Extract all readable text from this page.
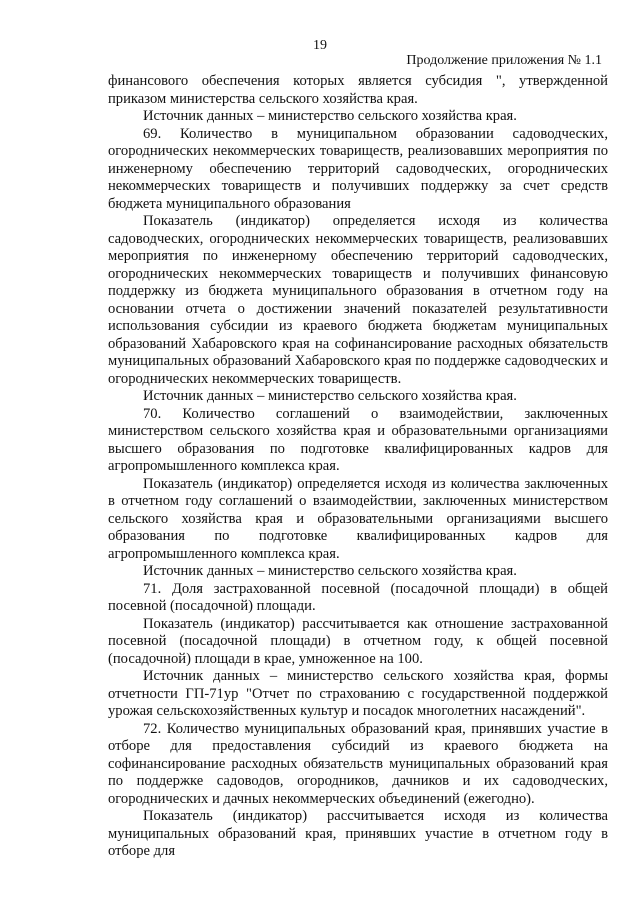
19
Продолжение приложения № 1.1

финансового обеспечения которых является субсидия ", утвержденной приказом министерства сельского хозяйства края.

Источник данных – министерство сельского хозяйства края.

69. Количество в муниципальном образовании садоводческих, огороднических некоммерческих товариществ, реализовавших мероприятия по инженерному обеспечению территорий садоводческих, огороднических некоммерческих товариществ и получивших поддержку за счет средств бюджета муниципального образования

Показатель (индикатор) определяется исходя из количества садоводческих, огороднических некоммерческих товариществ, реализовавших мероприятия по инженерному обеспечению территорий садоводческих, огороднических некоммерческих товариществ и получивших финансовую поддержку из бюджета муниципального образования в отчетном году на основании отчета о достижении значений показателей результативности использования субсидии из краевого бюджета бюджетам муниципальных образований Хабаровского края на софинансирование расходных обязательств муниципальных образований Хабаровского края по поддержке садоводческих и огороднических некоммерческих товариществ.

Источник данных – министерство сельского хозяйства края.

70. Количество соглашений о взаимодействии, заключенных министерством сельского хозяйства края и образовательными организациями высшего образования по подготовке квалифицированных кадров для агропромышленного комплекса края.

Показатель (индикатор) определяется исходя из количества заключенных в отчетном году соглашений о взаимодействии, заключенных министерством сельского хозяйства края и образовательными организациями высшего образования по подготовке квалифицированных кадров для агропромышленного комплекса края.

Источник данных – министерство сельского хозяйства края.

71. Доля застрахованной посевной (посадочной площади) в общей посевной (посадочной) площади.

Показатель (индикатор) рассчитывается как отношение застрахованной посевной (посадочной площади) в отчетном году, к общей посевной (посадочной) площади в крае, умноженное на 100.

Источник данных – министерство сельского хозяйства края, формы отчетности ГП-71ур "Отчет по страхованию с государственной поддержкой урожая сельскохозяйственных культур и посадок многолетних насаждений".

72. Количество муниципальных образований края, принявших участие в отборе для предоставления субсидий из краевого бюджета на софинансирование расходных обязательств муниципальных образований края по поддержке садоводов, огородников, дачников и их садоводческих, огороднических и дачных некоммерческих объединений (ежегодно).

Показатель (индикатор) рассчитывается исходя из количества муниципальных образований края, принявших участие в отчетном году в отборе для
